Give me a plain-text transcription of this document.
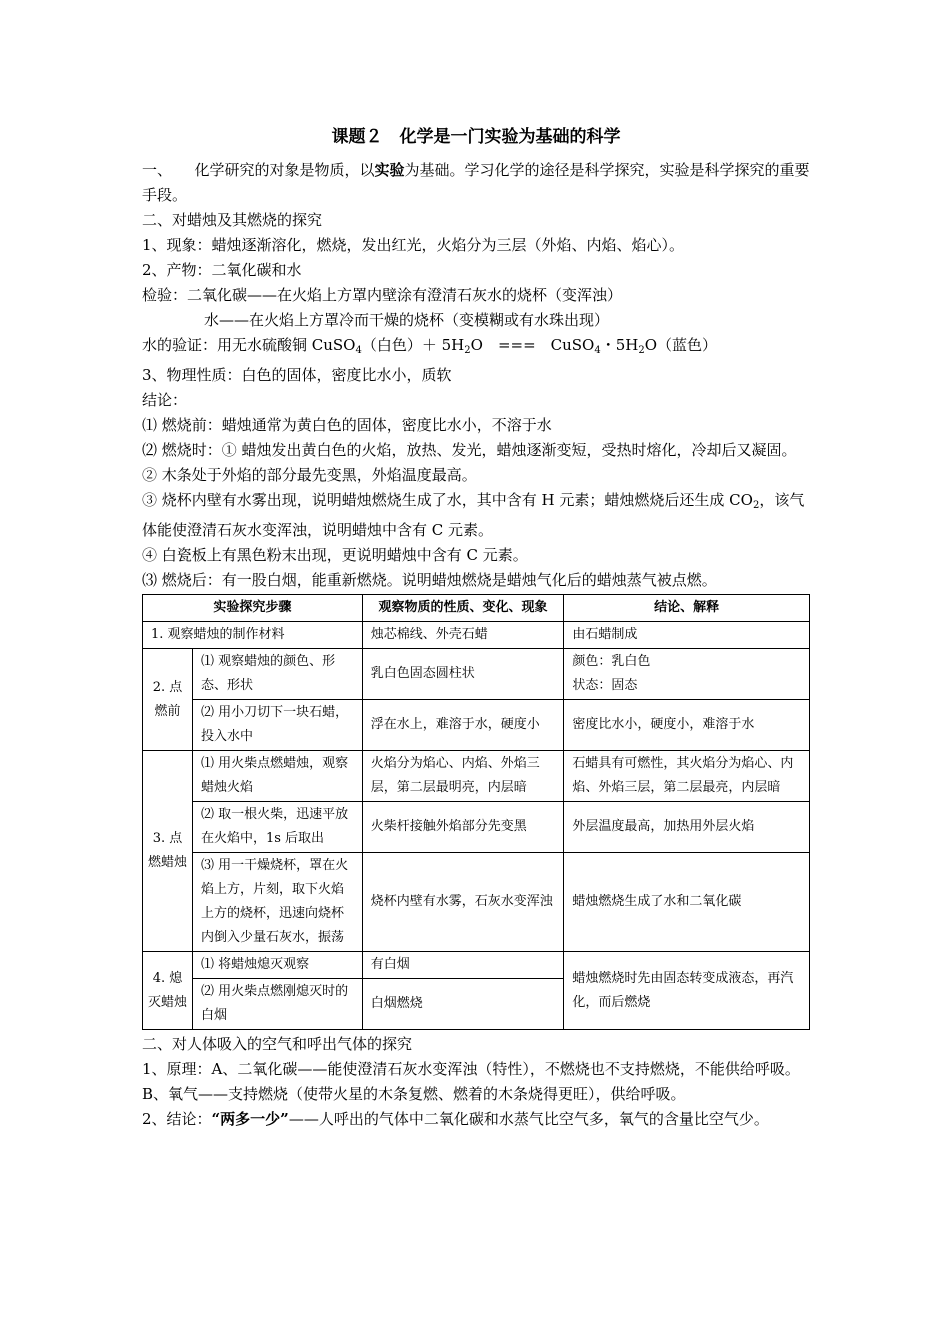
课题２　化学是一门实验为基础的科学
一、　　化学研究的对象是物质，以实验为基础。学习化学的途径是科学探究，实验是科学探究的重要手段。
二、对蜡烛及其燃烧的探究
1、现象：蜡烛逐渐溶化，燃烧，发出红光，火焰分为三层（外焰、内焰、焰心）。
2、产物：二氧化碳和水
检验：二氧化碳——在火焰上方罩内壁涂有澄清石灰水的烧杯（变浑浊）
水——在火焰上方罩冷而干燥的烧杯（变模糊或有水珠出现）
水的验证：用无水硫酸铜 CuSO$_4$（白色）＋ $5H_2O$　===　CuSO$_4$・$5H_2O$（蓝色）
3、物理性质：白色的固体，密度比水小，质软
结论：
⑴ 燃烧前：蜡烛通常为黄白色的固体，密度比水小，不溶于水
⑵ 燃烧时：① 蜡烛发出黄白色的火焰，放热、发光，蜡烛逐渐变短，受热时熔化，冷却后又凝固。
② 木条处于外焰的部分最先变黑，外焰温度最高。
③ 烧杯内壁有水雾出现，说明蜡烛燃烧生成了水，其中含有 H 元素；蜡烛燃烧后还生成 $CO_2$，该气体能使澄清石灰水变浑浊，说明蜡烛中含有 C 元素。
④ 白瓷板上有黑色粉末出现，更说明蜡烛中含有 C 元素。
⑶ 燃烧后：有一股白烟，能重新燃烧。说明蜡烛燃烧是蜡烛气化后的蜡烛蒸气被点燃。
实验探究步骤		观察物质的性质、变化、现象	结论、解释
1. 观察蜡烛的制作材料		烛芯棉线、外壳石蜡	由石蜡制成
2. 点燃前	⑴ 观察蜡烛的颜色、形态、形状	乳白色固态圆柱状	颜色：乳白色
状态：固态

	⑵ 用小刀切下一块石蜡，投入水中	浮在水上，难溶于水，硬度小	密度比水小，硬度小，难溶于水
3. 点燃蜡烛	⑴ 用火柴点燃蜡烛，观察蜡烛火焰	火焰分为焰心、内焰、外焰三层，第二层最明亮，内层暗	石蜡具有可燃性，其火焰分为焰心、内焰、外焰三层，第二层最亮，内层暗
	⑵ 取一根火柴，迅速平放在火焰中，1s 后取出	火柴杆接触外焰部分先变黑	外层温度最高，加热用外层火焰
	⑶ 用一干燥烧杯，罩在火焰上方，片刻，取下火焰上方的烧杯，迅速向烧杯内倒入少量石灰水，振荡	烧杯内壁有水雾，石灰水变浑浊	蜡烛燃烧生成了水和二氧化碳
4. 熄灭蜡烛	⑴ 将蜡烛熄灭观察	有白烟	蜡烛燃烧时先由固态转变成液态，再汽化，而后燃烧
	⑵ 用火柴点燃刚熄灭时的白烟	白烟燃烧	
二、对人体吸入的空气和呼出气体的探究
1、原理：A、二氧化碳——能使澄清石灰水变浑浊（特性），不燃烧也不支持燃烧，不能供给呼吸。
B、氧气——支持燃烧（使带火星的木条复燃、燃着的木条烧得更旺），供给呼吸。
2、结论：“两多一少”——人呼出的气体中二氧化碳和水蒸气比空气多，氧气的含量比空气少。
